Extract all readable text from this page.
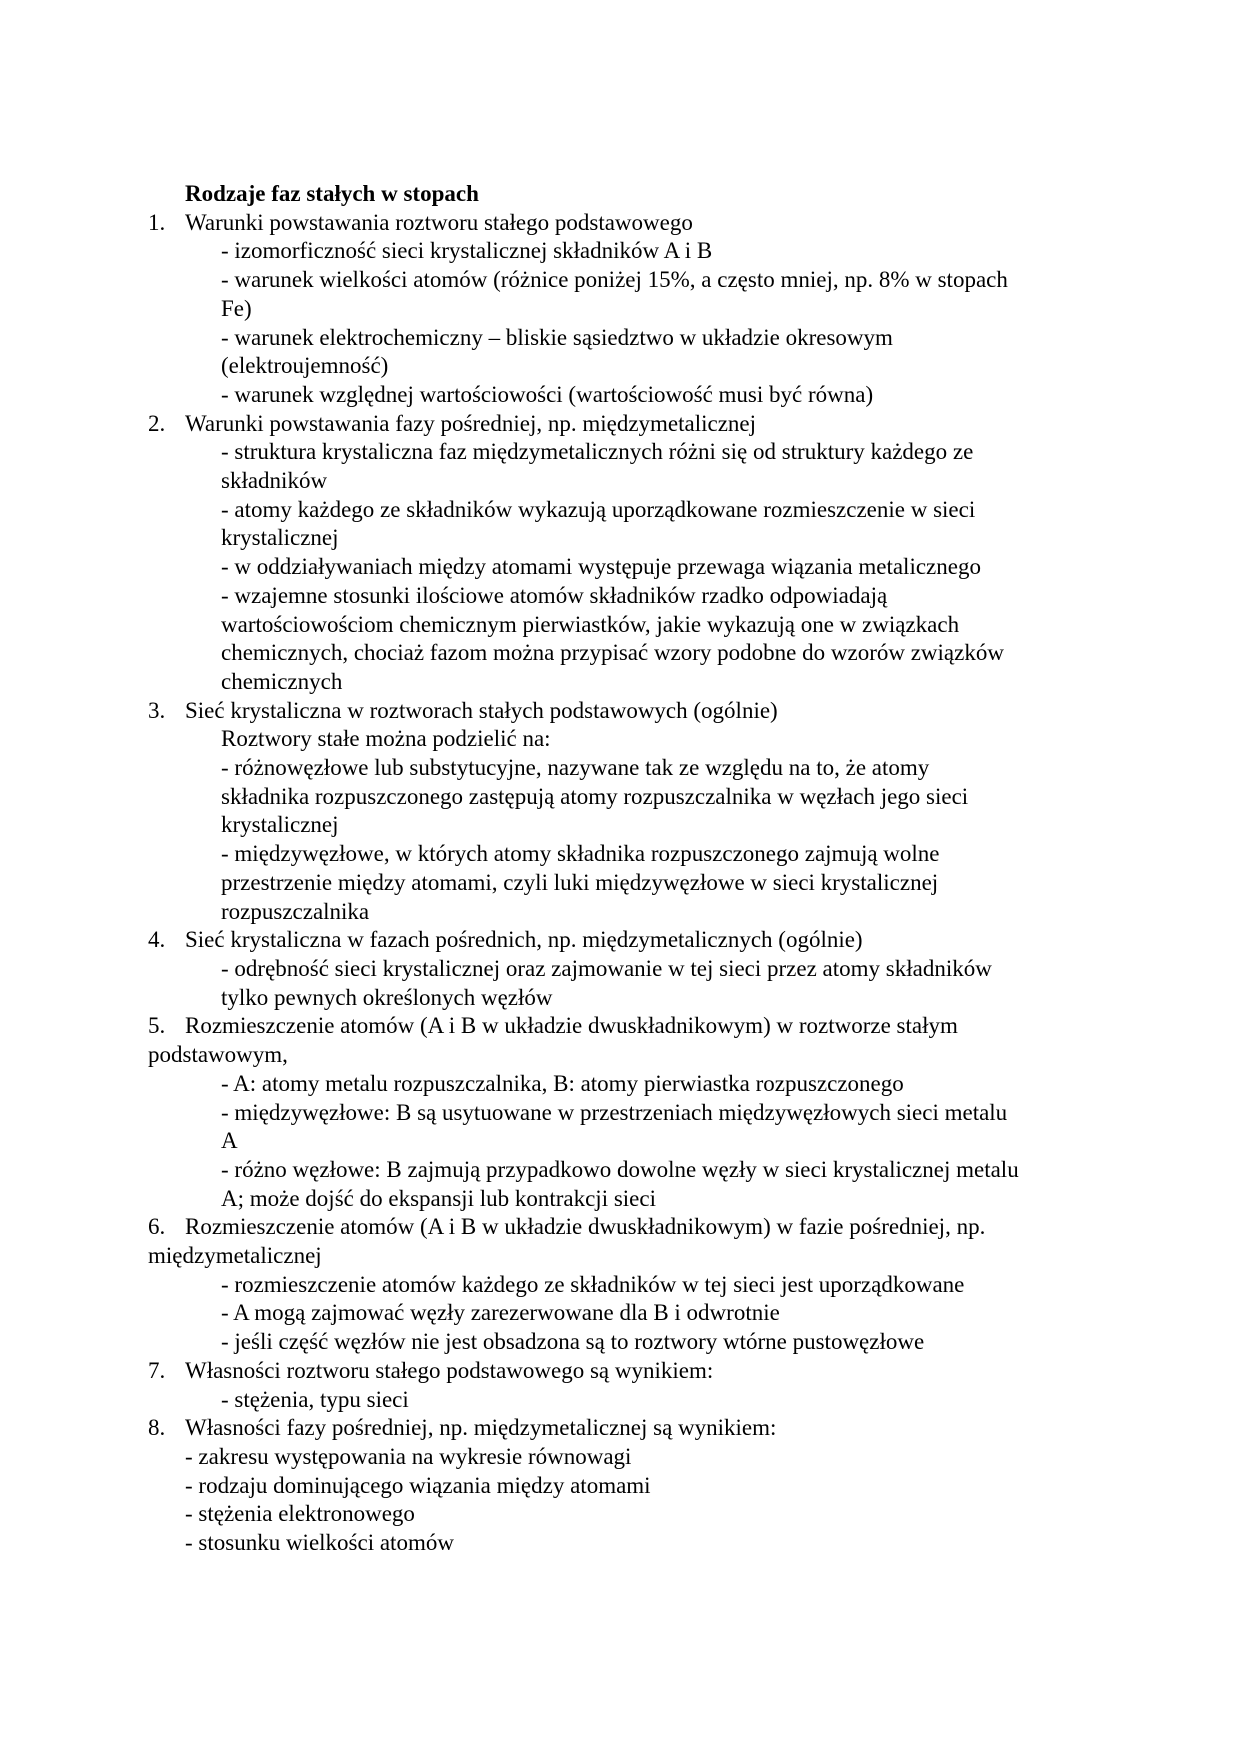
Rodzaje faz stałych w stopach
1. Warunki powstawania roztworu stałego podstawowego
- izomorficzność sieci krystalicznej składników A i B
- warunek wielkości atomów (różnice poniżej 15%, a często mniej, np. 8% w stopach
Fe)
- warunek elektrochemiczny – bliskie sąsiedztwo w układzie okresowym
(elektroujemność)
- warunek względnej wartościowości (wartościowość musi być równa)
2. Warunki powstawania fazy pośredniej, np. międzymetalicznej
- struktura krystaliczna faz międzymetalicznych różni się od struktury każdego ze
składników
- atomy każdego ze składników wykazują uporządkowane rozmieszczenie w sieci
krystalicznej
- w oddziaływaniach między atomami występuje przewaga wiązania metalicznego
- wzajemne stosunki ilościowe atomów składników rzadko odpowiadają
wartościowościom chemicznym pierwiastków, jakie wykazują one w związkach
chemicznych, chociaż fazom można przypisać wzory podobne do wzorów związków
chemicznych
3. Sieć krystaliczna w roztworach stałych podstawowych (ogólnie)
Roztwory stałe można podzielić na:
- różnowęzłowe lub substytucyjne, nazywane tak ze względu na to, że atomy
składnika rozpuszczonego zastępują atomy rozpuszczalnika w węzłach jego sieci
krystalicznej
- międzywęzłowe, w których atomy składnika rozpuszczonego zajmują wolne
przestrzenie między atomami, czyli luki międzywęzłowe w sieci krystalicznej
rozpuszczalnika
4. Sieć krystaliczna w fazach pośrednich, np. międzymetalicznych (ogólnie)
- odrębność sieci krystalicznej oraz zajmowanie w tej sieci przez atomy składników
tylko pewnych określonych węzłów
5. Rozmieszczenie atomów (A i B w układzie dwuskładnikowym) w roztworze stałym
podstawowym,
- A: atomy metalu rozpuszczalnika, B: atomy pierwiastka rozpuszczonego
- międzywęzłowe: B są usytuowane w przestrzeniach międzywęzłowych sieci metalu
A
- różno węzłowe: B zajmują przypadkowo dowolne węzły w sieci krystalicznej metalu
A; może dojść do ekspansji lub kontrakcji sieci
6. Rozmieszczenie atomów (A i B w układzie dwuskładnikowym) w fazie pośredniej, np.
międzymetalicznej
- rozmieszczenie atomów każdego ze składników w tej sieci jest uporządkowane
- A mogą zajmować węzły zarezerwowane dla B i odwrotnie
- jeśli część węzłów nie jest obsadzona są to roztwory wtórne pustowęzłowe
7. Własności roztworu stałego podstawowego są wynikiem:
- stężenia, typu sieci
8. Własności fazy pośredniej, np. międzymetalicznej są wynikiem:
- zakresu występowania na wykresie równowagi
- rodzaju dominującego wiązania między atomami
- stężenia elektronowego
- stosunku wielkości atomów
